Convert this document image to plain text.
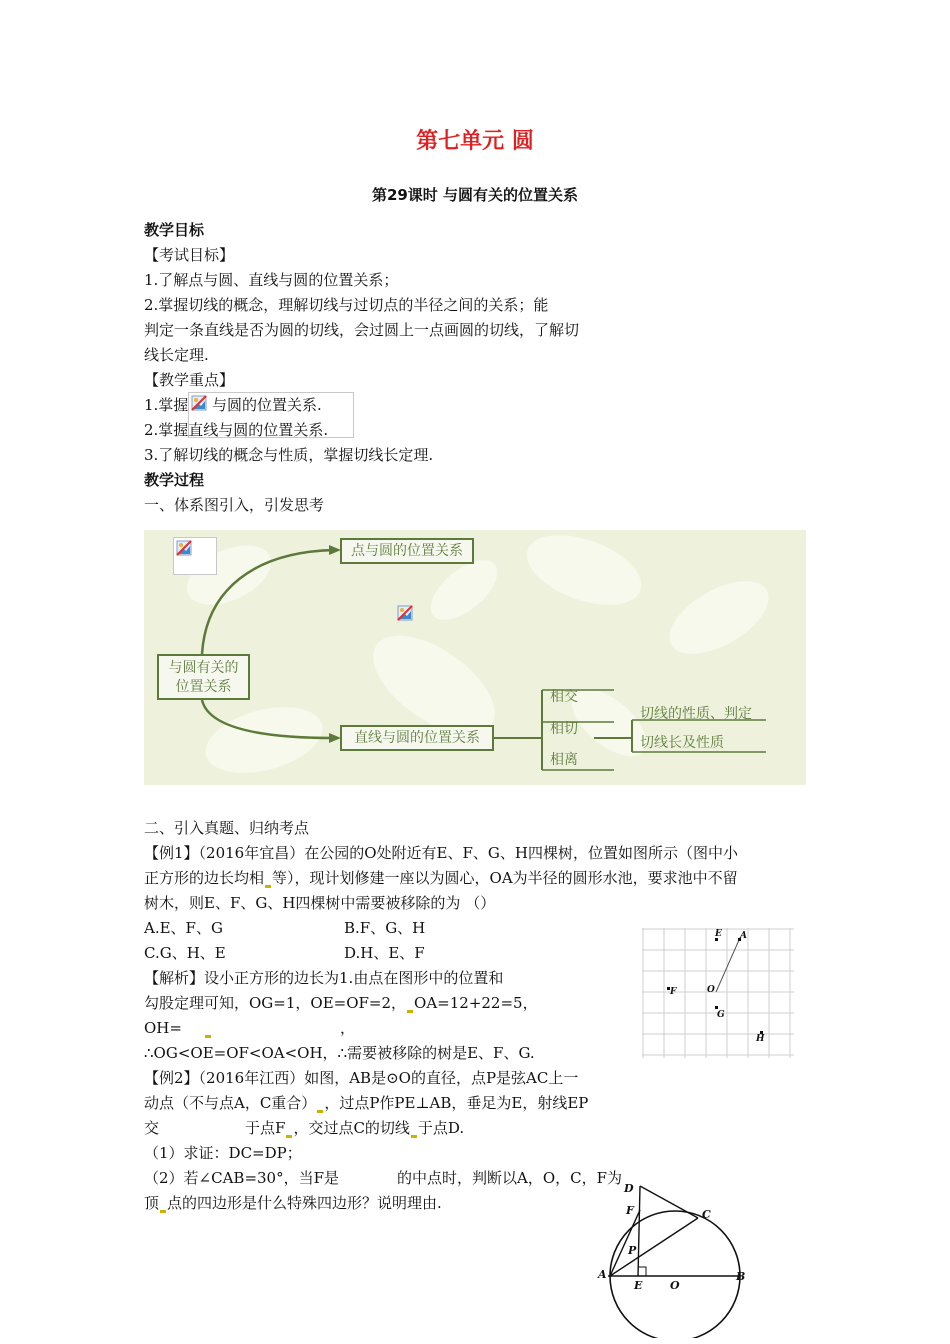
第七单元 圆
第29课时 与圆有关的位置关系
教学目标
【考试目标】
1.了解点与圆、直线与圆的位置关系；
2.掌握切线的概念，理解切线与过切点的半径之间的关系；能
判定一条直线是否为圆的切线，会过圆上一点画圆的切线，了解切
线长定理.
【教学重点】
1.掌握 与圆的位置关系.
2.掌握直线与圆的位置关系.
3.了解切线的概念与性质，掌握切线长定理.
教学过程
一、体系图引入，引发思考
与圆有关的
位置关系
点与圆的位置关系
直线与圆的位置关系
相交
相切
相离
切线的性质、判定
切线长及性质
二、引入真题、归纳考点
【例1】（2016年宜昌）在公园的O处附近有E、F、G、H四棵树，位置如图所示（图中小
正方形的边长均相 等），现计划修建一座以为圆心，OA为半径的圆形水池，要求池中不留
树木，则E、F、G、H四棵树中需要被移除的为 （）
A.E、F、G	B.F、G、H
C.G、H、E	D.H、E、F
【解析】设小正方形的边长为1.由点在图形中的位置和
勾股定理可知，OG=1，OE=OF=2， OA=12+22=5，
OH=	，
∴OG<OE=OF<OA<OH，∴需要被移除的树是E、F、G.
E A
F	O
G
H
【例2】（2016年江西）如图，AB是⊙O的直径，点P是弦AC上一
动点（不与点A，C重合） ，过点P作PE⊥AB，垂足为E，射线EP
交	于点F ，交过点C的切线 于点D.
（1）求证：DC=DP；
（2）若∠CAB=30°，当F是	的中点时，判断以A，O，C，F为
顶 点的四边形是什么特殊四边形？说明理由.
D
F	C
P
A
E	O
B
